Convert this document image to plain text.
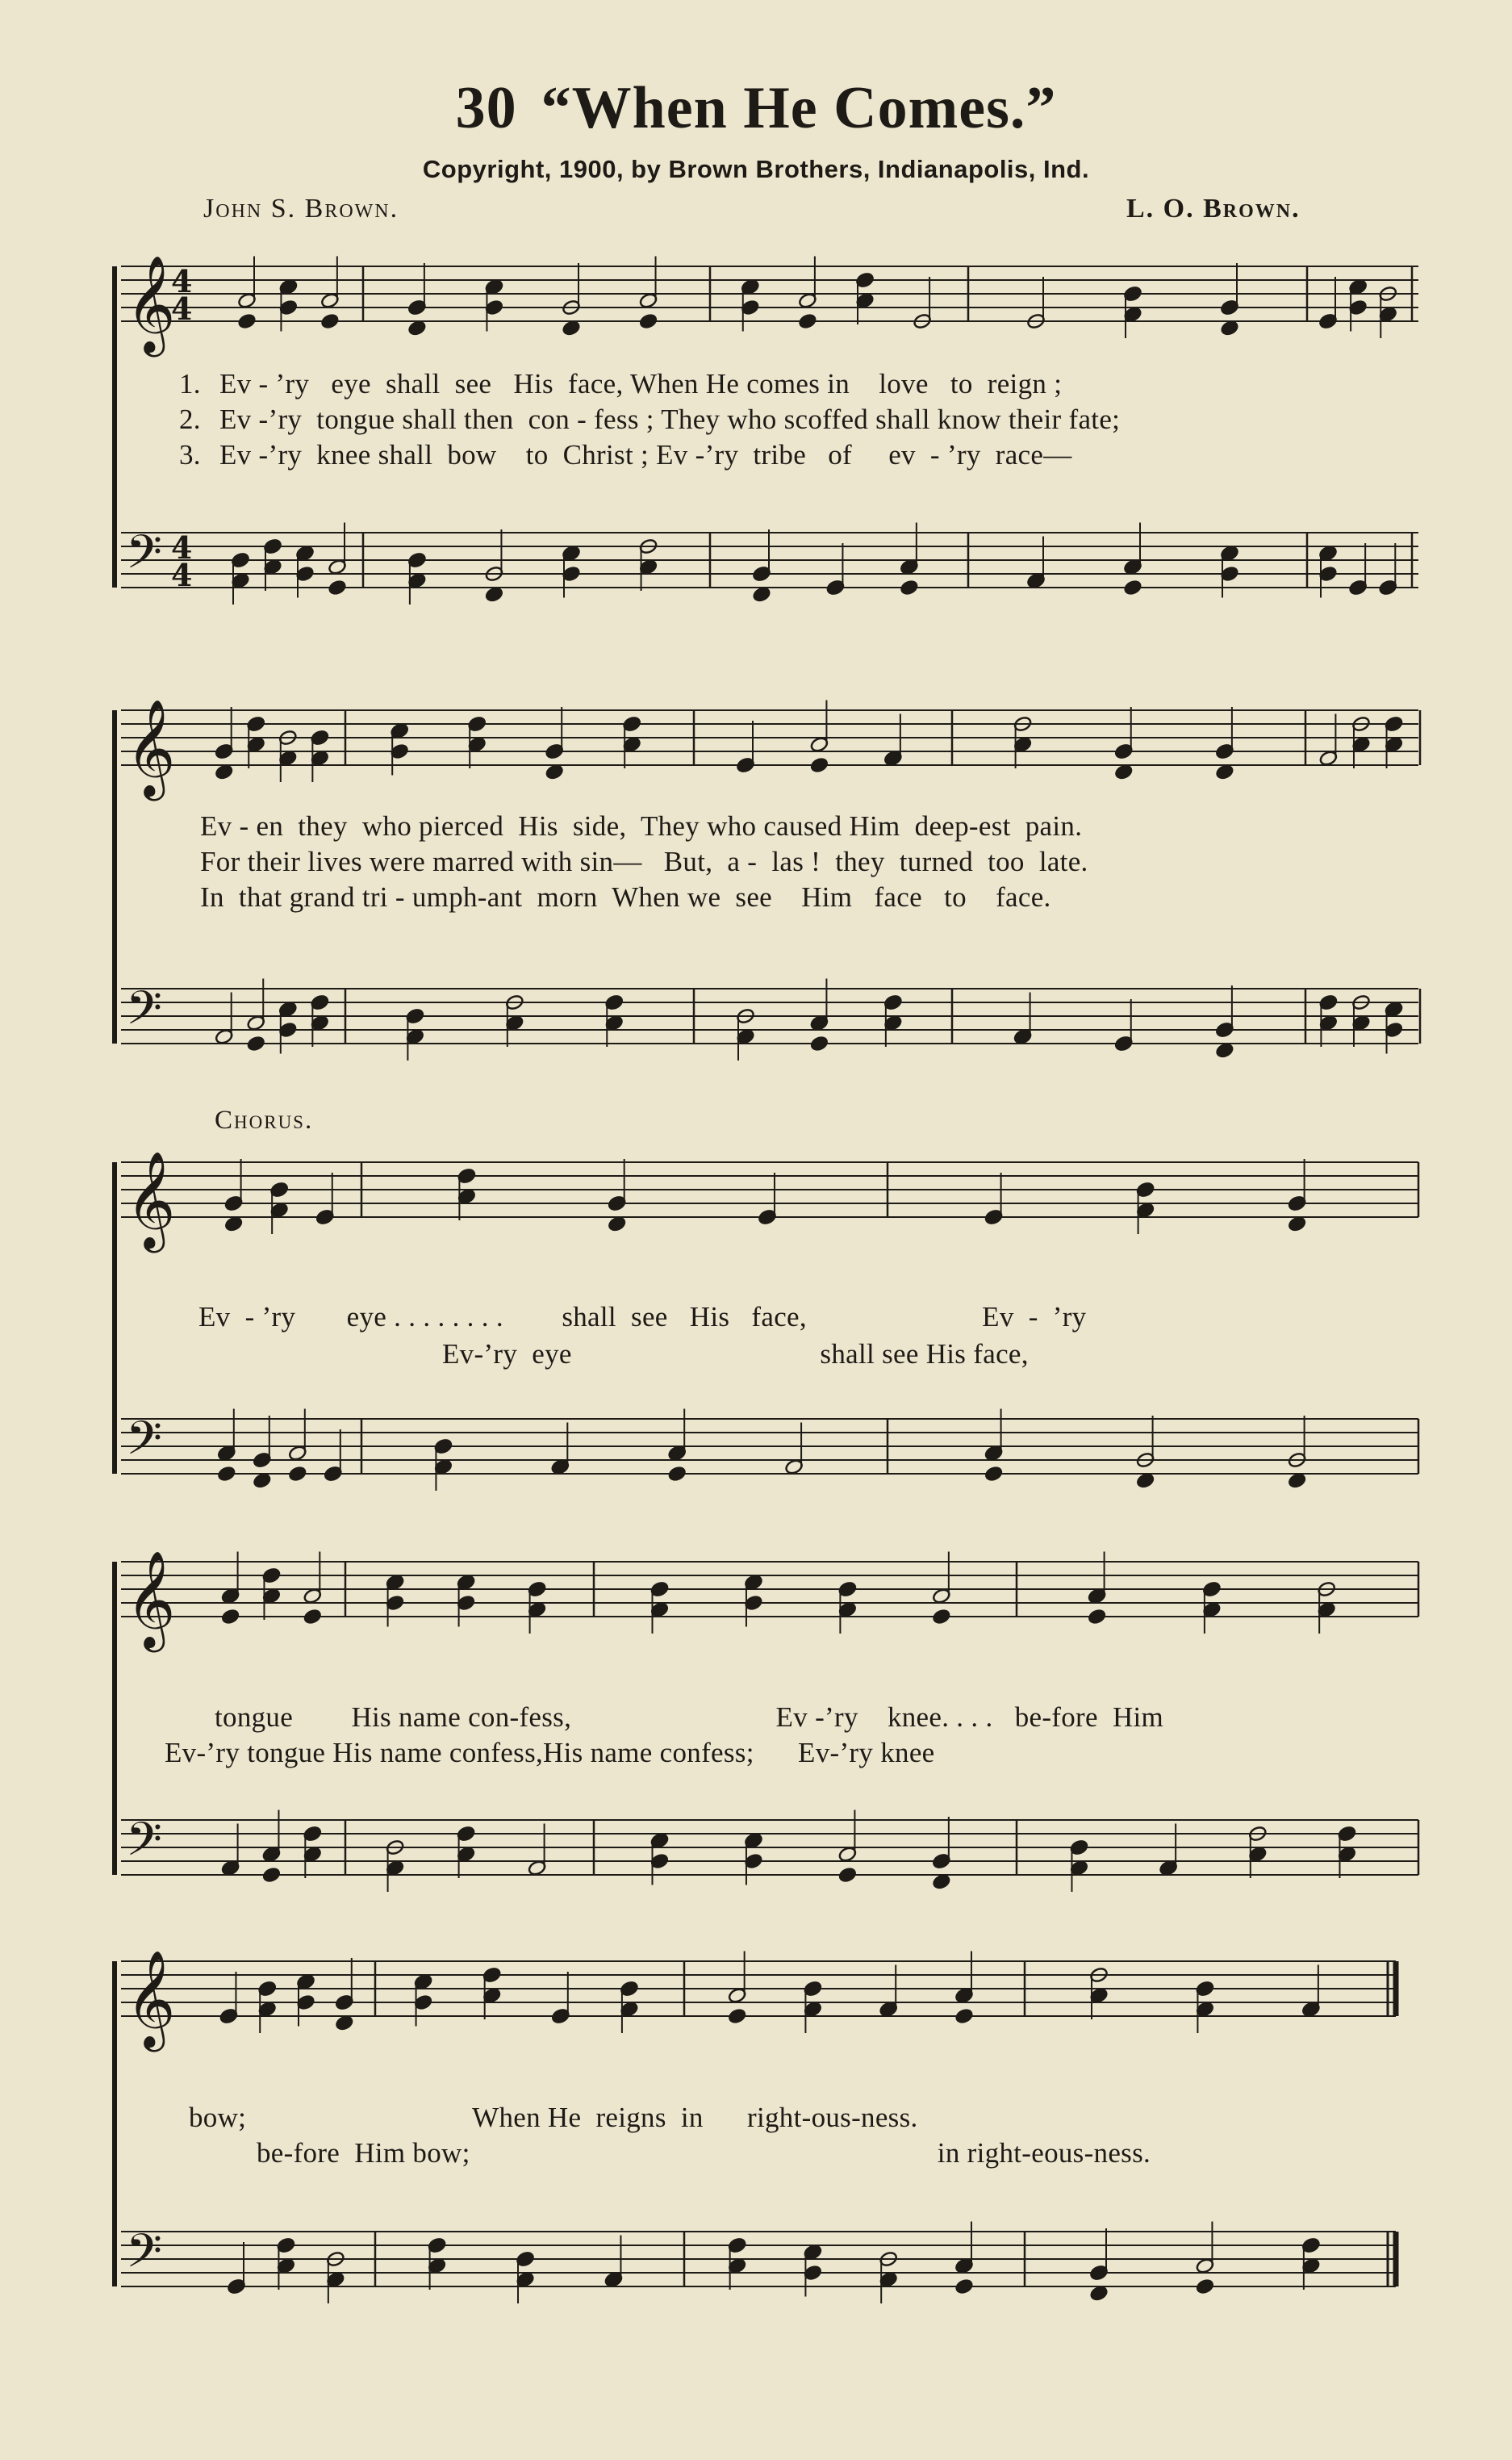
30 “When He Comes.”
Copyright, 1900, by Brown Brothers, Indianapolis, Ind.
John S. Brown.	L. O. Brown.
𝄞
4
4
𝄢 4
4
𝄞
𝄢
𝄞
𝄢
𝄞
𝄢
𝄞
𝄢
1. Ev - ’ry   eye  shall  see   His  face, When He comes in    love   to  reign ;
2. Ev -’ry  tongue shall then  con - fess ; They who scoffed shall know their fate;
3. Ev -’ry  knee shall  bow    to  Christ ; Ev -’ry  tribe   of     ev  - ’ry  race—
Ev - en  they  who pierced  His  side,  They who caused Him  deep-est  pain.
For their lives were marred with sin—   But,  a -  las !  they  turned  too  late.
In  that grand tri - umph-ant  morn  When we  see    Him   face   to    face.
Chorus.
Ev  - ’ry       eye . . . . . . . .        shall  see   His   face,                        Ev  -  ’ry
Ev-’ry  eye                                  shall see His face,
tongue        His name con-fess,                            Ev -’ry    knee. . . .   be-fore  Him
Ev-’ry tongue His name confess,His name confess;      Ev-’ry knee
bow;                               When He  reigns  in      right-ous-ness.
be-fore  Him bow;                                                                in right-eous-ness.
